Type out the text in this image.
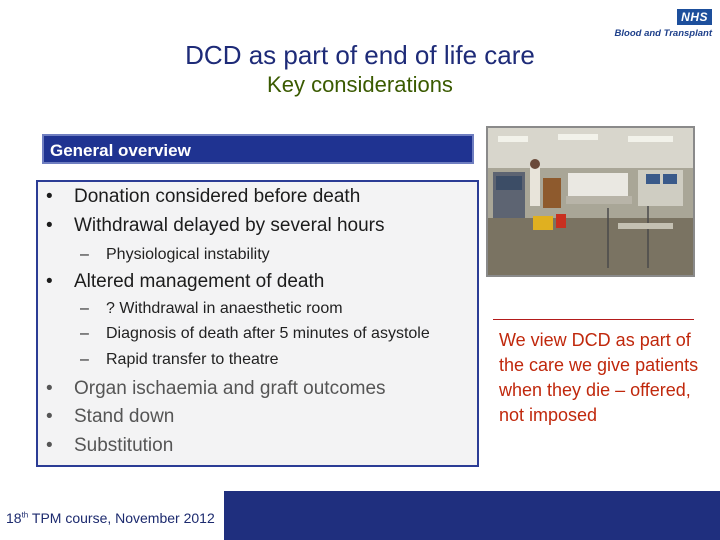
NHS
Blood and Transplant
DCD as part of end of life care
Key considerations
General overview
• Donation considered before death
• Withdrawal delayed by several hours
– Physiological instability
• Altered management of death
– ? Withdrawal in anaesthetic room
– Diagnosis of death after 5 minutes of asystole
– Rapid transfer to theatre
• Organ ischaemia and graft outcomes
• Stand down
• Substitution
We view DCD as part of the care we give patients when they die – offered, not imposed
18th TPM course, November 2012
